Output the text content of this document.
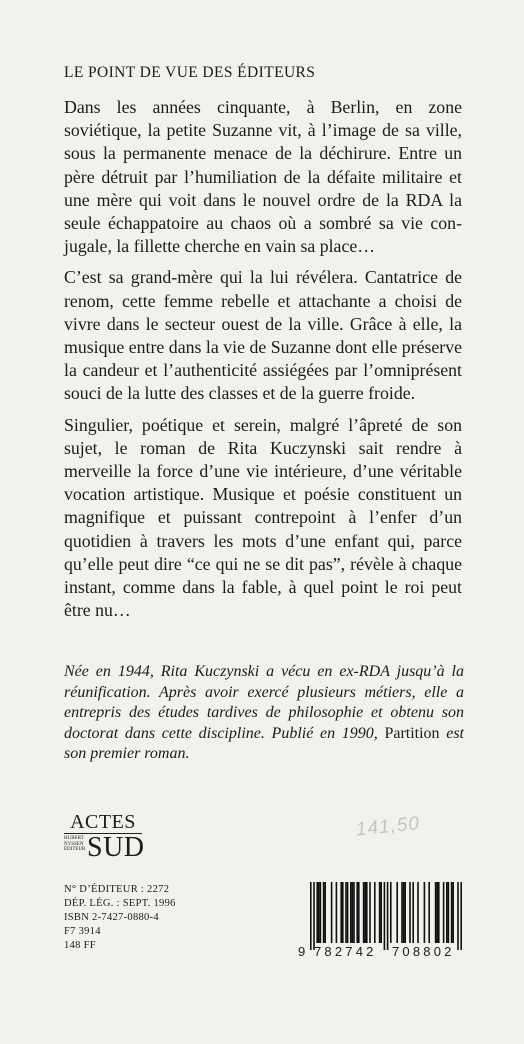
LE POINT DE VUE DES ÉDITEURS

Dans les années cinquante, à Berlin, en zone soviétique, la petite Suzanne vit, à l’image de sa ville, sous la permanente menace de la déchirure. Entre un père détruit par l’humiliation de la défaite militaire et une mère qui voit dans le nouvel ordre de la RDA la seule échappatoire au chaos où a sombré sa vie conjugale, la fillette cherche en vain sa place…

C’est sa grand-mère qui la lui révélera. Cantatrice de renom, cette femme rebelle et attachante a choisi de vivre dans le secteur ouest de la ville. Grâce à elle, la musique entre dans la vie de Suzanne dont elle préserve la candeur et l’authenticité assiégées par l’omniprésent souci de la lutte des classes et de la guerre froide.

Singulier, poétique et serein, malgré l’âpreté de son sujet, le roman de Rita Kuczynski sait rendre à merveille la force d’une vie intérieure, d’une véritable vocation artistique. Musique et poésie constituent un magnifique et puissant contrepoint à l’enfer d’un quotidien à travers les mots d’une enfant qui, parce qu’elle peut dire “ce qui ne se dit pas”, révèle à chaque instant, comme dans la fable, à quel point le roi peut être nu…

Née en 1944, Rita Kuczynski a vécu en ex-RDA jusqu’à la réunification. Après avoir exercé plusieurs métiers, elle a entrepris des études tardives de philosophie et obtenu son doctorat dans cette discipline. Publié en 1990, Partition est son premier roman.
ACTES
HUBERT
NYSSEN
ÉDITEUR SUD
141,50
N° D’ÉDITEUR : 2272
DÉP. LÉG. : SEPT. 1996
ISBN 2-7427-0880-4
F7 3914
148 FF	9 782742 708802
